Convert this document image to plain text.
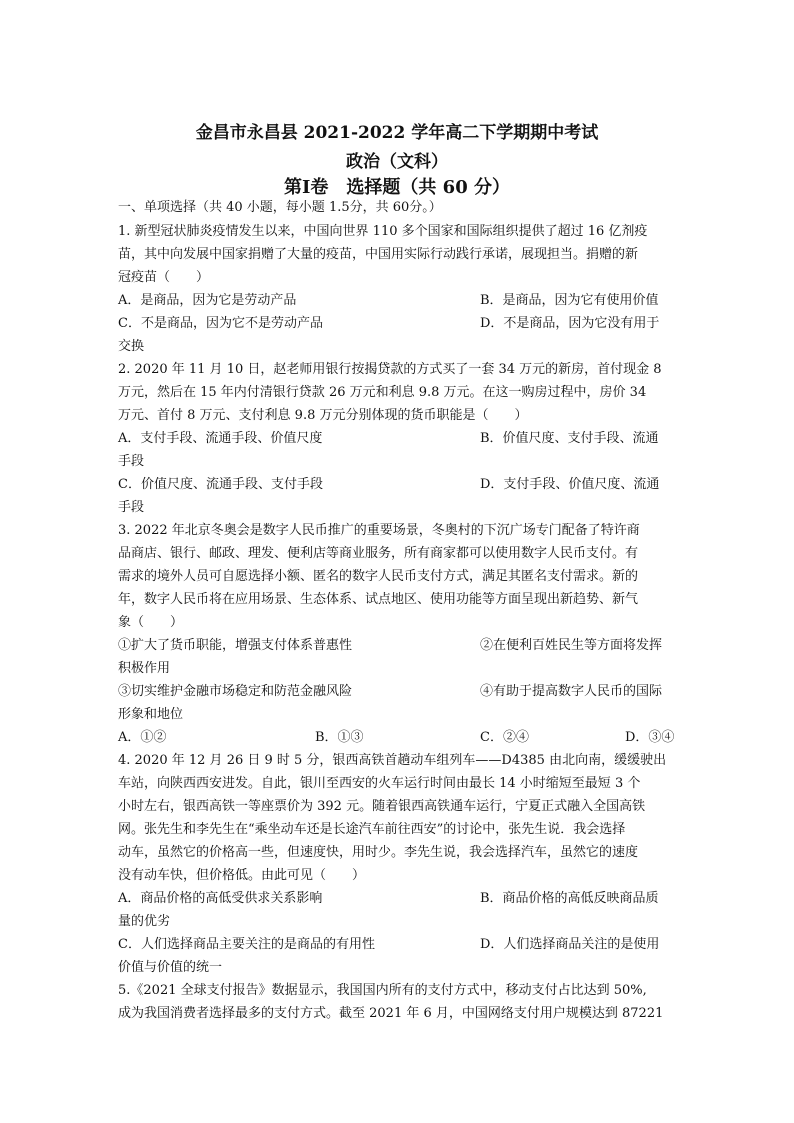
金昌市永昌县 2021-2022 学年高二下学期期中考试
政治（文科）
第Ⅰ卷　选择题（共 60 分）
一、单项选择（共 40 小题，每小题 1.5分，共 60分。）
1. 新型冠状肺炎疫情发生以来，中国向世界 110 多个国家和国际组织提供了超过 16 亿剂疫
苗，其中向发展中国家捐赠了大量的疫苗，中国用实际行动践行承诺，展现担当。捐赠的新
冠疫苗（　　）
A．是商品，因为它是劳动产品	B．是商品，因为它有使用价值
C．不是商品，因为它不是劳动产品	D．不是商品，因为它没有用于
交换
2. 2020 年 11 月 10 日，赵老师用银行按揭贷款的方式买了一套 34 万元的新房，首付现金 8
万元，然后在 15 年内付清银行贷款 26 万元和利息 9.8 万元。在这一购房过程中，房价 34
万元、首付 8 万元、支付利息 9.8 万元分别体现的货币职能是（　　）
A．支付手段、流通手段、价值尺度	B．价值尺度、支付手段、流通
手段
C．价值尺度、流通手段、支付手段	D．支付手段、价值尺度、流通
手段
3. 2022 年北京冬奥会是数字人民币推广的重要场景，冬奥村的下沉广场专门配备了特许商
品商店、银行、邮政、理发、便利店等商业服务，所有商家都可以使用数字人民币支付。有
需求的境外人员可自愿选择小额、匿名的数字人民币支付方式，满足其匿名支付需求。新的
年，数字人民币将在应用场景、生态体系、试点地区、使用功能等方面呈现出新趋势、新气
象（　　）
①扩大了货币职能，增强支付体系普惠性	②在便利百姓民生等方面将发挥
积极作用
③切实维护金融市场稳定和防范金融风险	④有助于提高数字人民币的国际
形象和地位
A．①②	B．①③	C．②④	D．③④
4. 2020 年 12 月 26 日 9 时 5 分，银西高铁首趟动车组列车——D4385 由北向南，缓缓驶出
车站，向陕西西安进发。自此，银川至西安的火车运行时间由最长 14 小时缩短至最短 3 个
小时左右，银西高铁一等座票价为 392 元。随着银西高铁通车运行，宁夏正式融入全国高铁
网。张先生和李先生在“乘坐动车还是长途汽车前往西安”的讨论中，张先生说．我会选择
动车，虽然它的价格高一些，但速度快，用时少。李先生说，我会选择汽车，虽然它的速度
没有动车快，但价格低。由此可见（　　）
A．商品价格的高低受供求关系影响	B．商品价格的高低反映商品质
量的优劣
C．人们选择商品主要关注的是商品的有用性	D．人们选择商品关注的是使用
价值与价值的统一
5.《2021 全球支付报告》数据显示，我国国内所有的支付方式中，移动支付占比达到 50%,
成为我国消费者选择最多的支付方式。截至 2021 年 6 月，中国网络支付用户规模达到 87221
